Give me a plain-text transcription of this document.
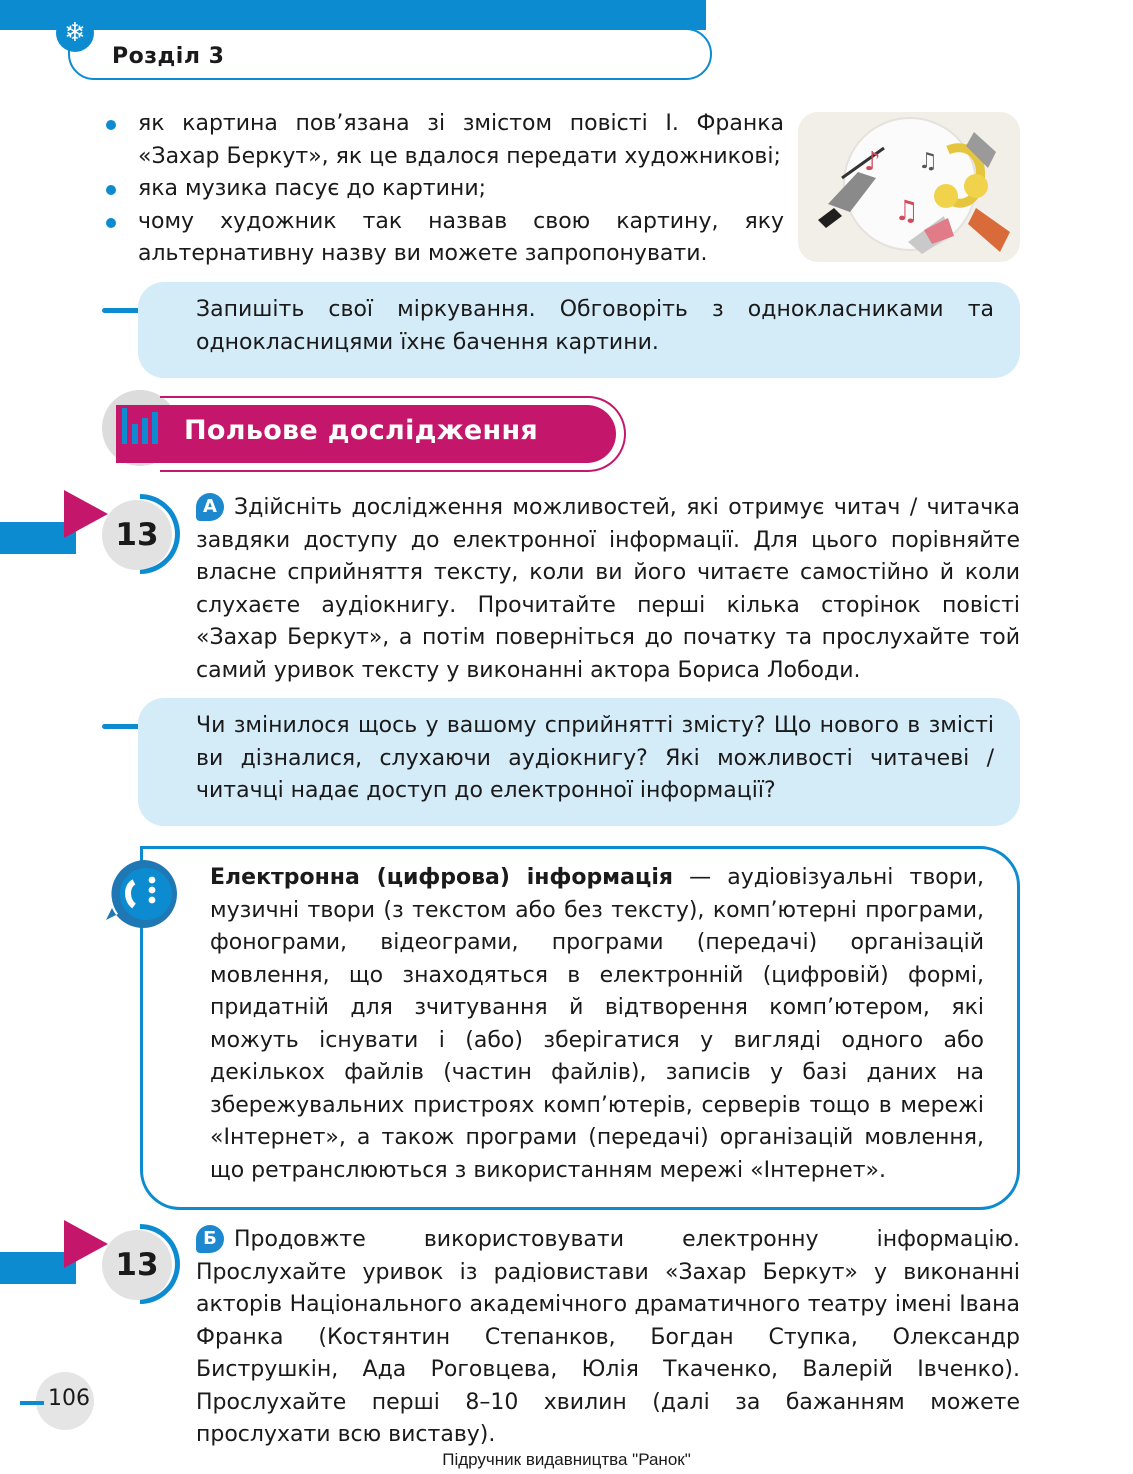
❄
Розділ 3
як картина пов’язана зі змістом повісті І. Франка «Захар Беркут», як це вдалося передати художникові;
яка музика пасує до картини;
чому художник так назвав свою картину, яку альтернативну назву ви можете запропонувати.
♪ ♫
♫
Запишіть свої міркування. Обговоріть з однокласниками та однокласницями їхнє бачення картини.
Польове дослідження
13
А Здійсніть дослідження можливостей, які отримує читач / читачка завдяки доступу до електронної інформації. Для цього порівняйте власне сприйняття тексту, коли ви його читаєте самостійно й коли слухаєте аудіокнигу. Прочитайте перші кілька сторінок повісті «Захар Беркут», а потім поверніться до початку та прослухайте той самий уривок тексту у виконанні актора Бориса Лободи.
Чи змінилося щось у вашому сприйнятті змісту? Що нового в змісті ви дізналися, слухаючи аудіокнигу? Які можливості читачеві / читачці надає доступ до електронної інформації?
Електронна (цифрова) інформація — аудіовізуальні твори, музичні твори (з текстом або без тексту), комп’ютерні програми, фонограми, відеограми, програми (передачі) організацій мовлення, що знаходяться в електронній (цифровій) формі, придатній для зчитування й відтворення комп’ютером, які можуть існувати і (або) зберігатися у вигляді одного або декількох файлів (частин файлів), записів у базі даних на збережувальних пристроях комп’ютерів, серверів тощо в мережі «Інтернет», а також програми (передачі) організацій мовлення, що ретранслюються з використанням мережі «Інтернет».
13
Б Продовжте використовувати електронну інформацію. Прослухайте уривок із радіовистави «Захар Беркут» у виконанні акторів Національного академічного драматичного театру імені Івана Франка (Костянтин Степанков, Богдан Ступка, Олександр Биструшкін, Ада Роговцева, Юлія Ткаченко, Валерій Івченко). Прослухайте перші 8–10 хвилин (далі за бажанням можете прослухати всю виставу).
106
Підручник видавництва "Ранок"
